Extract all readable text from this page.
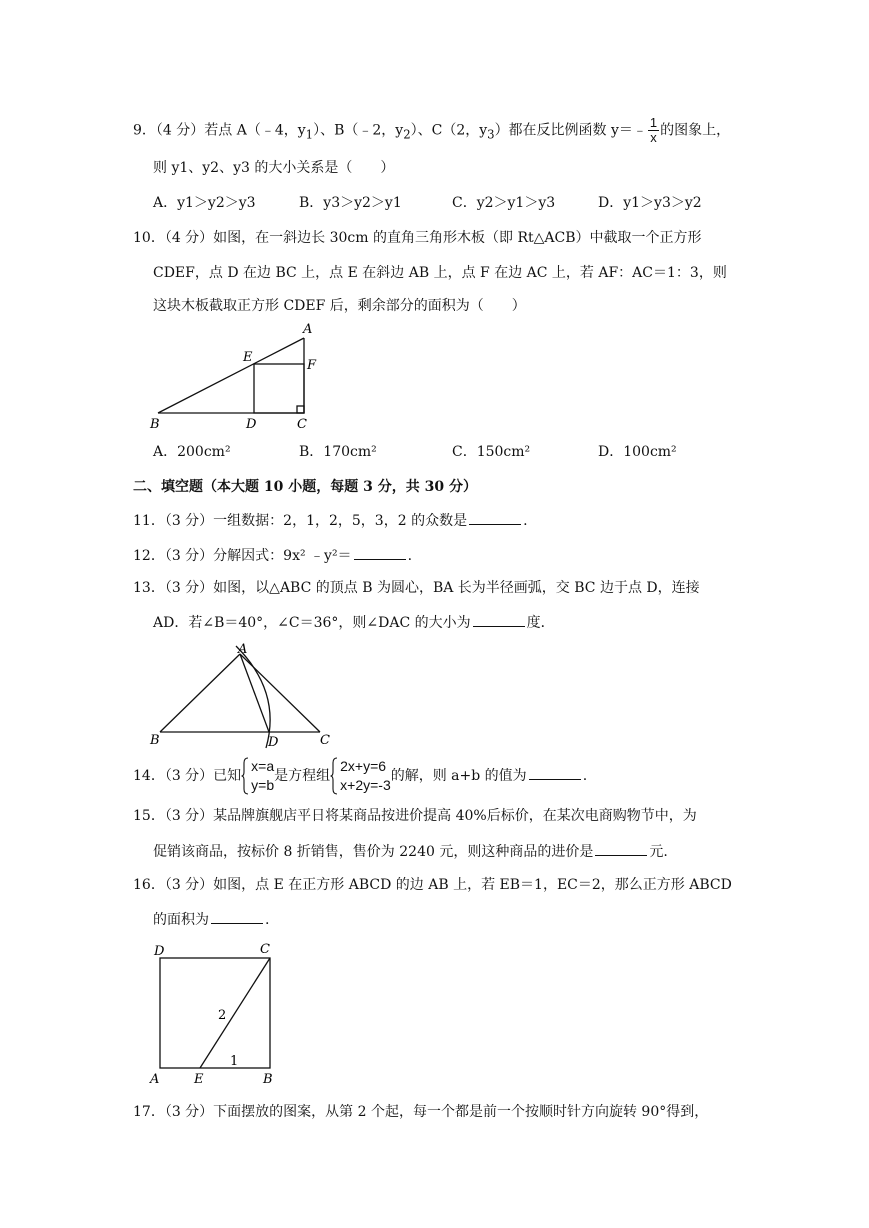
9．（4 分）若点 A（﹣4，$y_1$）、B（﹣2，$y_2$）、C（2，$y_3$）都在反比例函数 y＝﹣ $\frac{1}{x}$ 的图象上，
则 y1、y2、y3 的大小关系是（　　）
A．y1＞y2＞y3	B．y3＞y2＞y1	C．y2＞y1＞y3	D．y1＞y3＞y2
10．（4 分）如图，在一斜边长 30cm 的直角三角形木板（即 Rt△ACB）中截取一个正方形
CDEF，点 D 在边 BC 上，点 E 在斜边 AB 上，点 F 在边 AC 上，若 AF：AC＝1：3，则
这块木板截取正方形 CDEF 后，剩余部分的面积为（　　）
A
E
F
B	D	C
A．200cm²	B．170cm²	C．150cm²	D．100cm²
二、填空题（本大题 10 小题，每题 3 分，共 30 分）
11．（3 分）一组数据：2，1，2，5，3，2 的众数是	.
12．（3 分）分解因式：9x² ﹣y²＝	.
13．（3 分）如图，以△ABC 的顶点 B 为圆心，BA 长为半径画弧，交 BC 边于点 D，连接
AD．若∠B＝40°，∠C＝36°，则∠DAC 的大小为	度．
A
B	D	C
14．（3 分）已知
x=a
y=b
是方程组
2x+y=6
x+2y=-3
的解，则 a+b 的值为	.
15．（3 分）某品牌旗舰店平日将某商品按进价提高 40%后标价，在某次电商购物节中，为
促销该商品，按标价 8 折销售，售价为 2240 元，则这种商品的进价是	元.
16．（3 分）如图，点 E 在正方形 ABCD 的边 AB 上，若 EB＝1，EC＝2，那么正方形 ABCD
的面积为	.
D	C
2
1
A	E	B
17．（3 分）下面摆放的图案，从第 2 个起，每一个都是前一个按顺时针方向旋转 90°得到，
